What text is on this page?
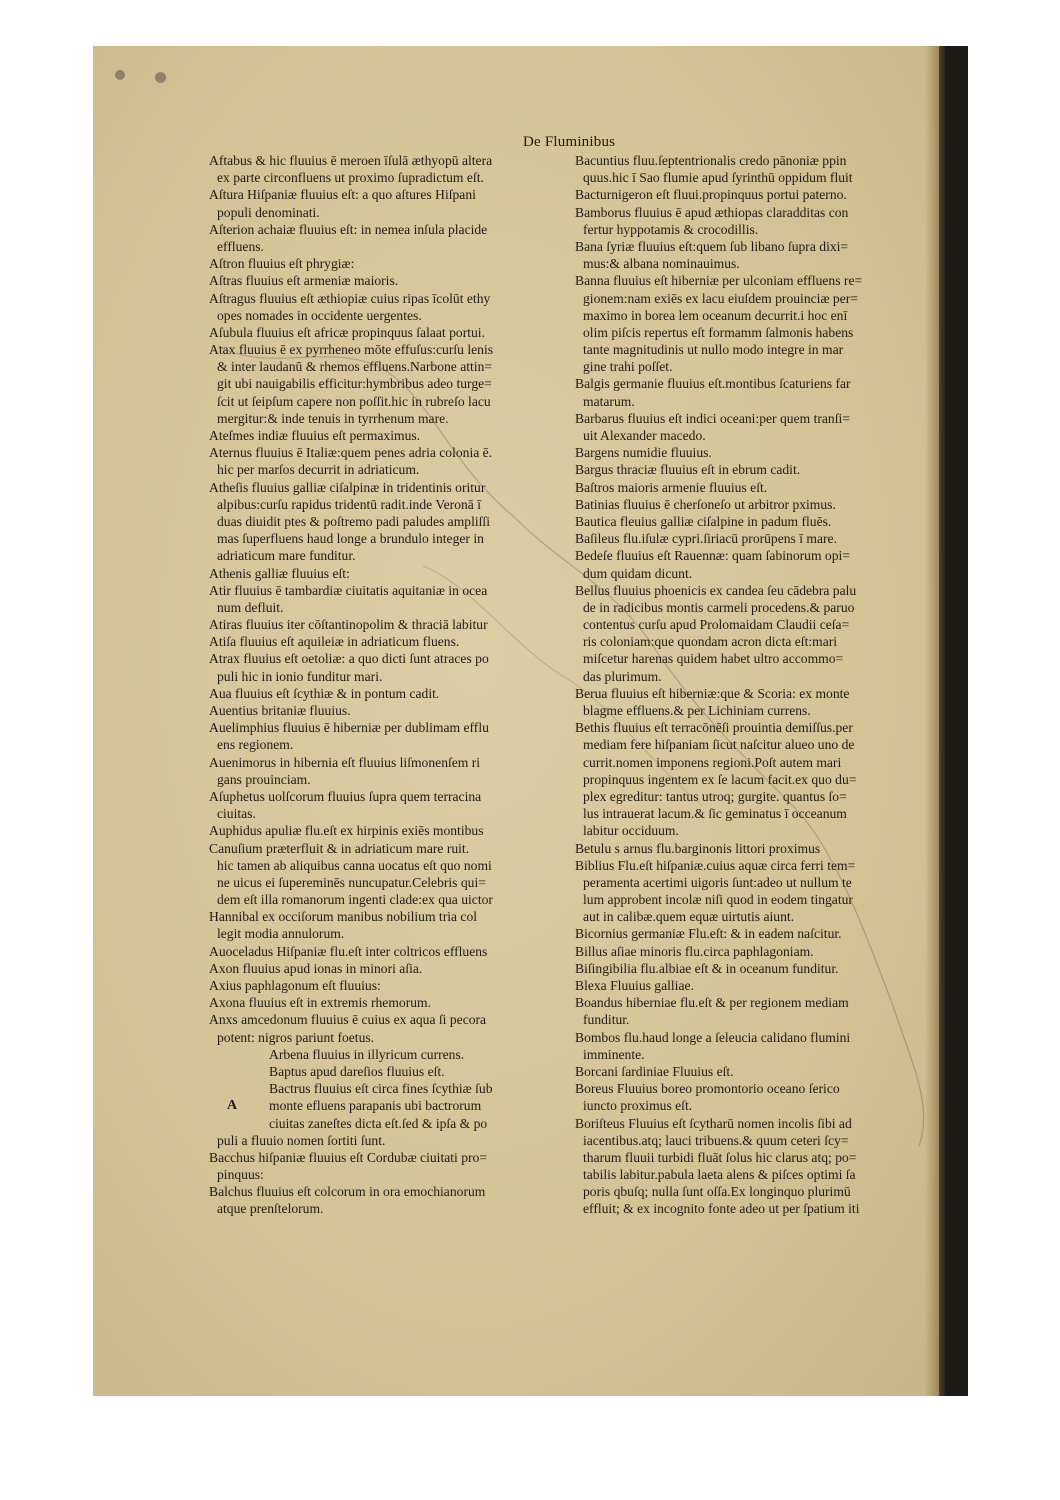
De Fluminibus
Aftabus & hic fluuius ē meroen īſulā æthyopū altera
ex parte circonfluens ut proximo ſupradictum eſt.
Aſtura Hiſpaniæ fluuius eſt: a quo aſtures Hiſpani
populi denominati.
Aſterion achaiæ fluuius eſt: in nemea inſula placide
effluens.
Aſtron fluuius eſt phrygiæ:
Aſtras fluuius eſt armeniæ maioris.
Aſtragus fluuius eſt æthiopiæ cuius ripas īcolūt ethy
opes nomades in occidente uergentes.
Aſubula fluuius eſt africæ propinquus ſalaat portui.
Atax fluuius ē ex pyrrheneo mōte effuſus:curſu lenis
& inter laudanū & rhemos effluens.Narbone attin=
git ubi nauigabilis efficitur:hymbribus adeo turge=
ſcit ut ſeipſum capere non poſſit.hic in rubreſo lacu
mergitur:& inde tenuis in tyrrhenum mare.
Ateſmes indiæ fluuius eſt permaximus.
Aternus fluuius ē Italiæ:quem penes adria colonia ē.
hic per marſos decurrit in adriaticum.
Atheſis fluuius galliæ ciſalpinæ in tridentinis oritur
alpibus:curſu rapidus tridentū radit.inde Veronā ī
duas diuidit ptes & poſtremo padi paludes ampliſſi
mas ſuperfluens haud longe a brundulo integer in
adriaticum mare funditur.
Athenis galliæ fluuius eſt:
Atir fluuius ē tambardiæ ciuitatis aquitaniæ in ocea
num defluit.
Atiras fluuius iter cōſtantinopolim & thraciā labitur
Atiſa fluuius eſt aquileiæ in adriaticum fluens.
Atrax fluuius eſt oetoliæ: a quo dicti ſunt atraces po
puli hic in ionio funditur mari.
Aua fluuius eſt ſcythiæ & in pontum cadit.
Auentius britaniæ fluuius.
Auelimphius fluuius ē hiberniæ per dublimam efflu
ens regionem.
Auenimorus in hibernia eſt fluuius liſmonenſem ri
gans prouinciam.
Aſuphetus uolſcorum fluuius ſupra quem terracina
ciuitas.
Auphidus apuliæ flu.eſt ex hirpinis exiēs montibus
Canuſium præterfluit & in adriaticum mare ruit.
hic tamen ab aliquibus canna uocatus eſt quo nomi
ne uicus ei ſupereminēs nuncupatur.Celebris qui=
dem eſt illa romanorum ingenti clade:ex qua uictor
Hannibal ex occiſorum manibus nobilium tria col
legit modia annulorum.
Auoceladus Hiſpaniæ flu.eſt inter coltricos effluens
Axon fluuius apud ionas in minori aſia.
Axius paphlagonum eſt fluuius:
Axona fluuius eſt in extremis rhemorum.
Anxs amcedonum fluuius ē cuius ex aqua ſi pecora
potent: nigros pariunt foetus.
Arbena fluuius in illyricum currens.
Baptus apud dareſios fluuius eſt.
Bactrus fluuius eſt circa fines ſcythiæ ſub
A monte efluens parapanis ubi bactrorum
ciuitas zaneſtes dicta eſt.ſed & ipſa & po
puli a fluuio nomen ſortiti ſunt.
Bacchus hiſpaniæ fluuius eſt Cordubæ ciuitati pro=
pinquus:
Balchus fluuius eſt colcorum in ora emochianorum
atque prenſtelorum.
Bacuntius fluu.ſeptentrionalis credo pānoniæ ppin
quus.hic ī Sao flumie apud ſyrinthū oppidum fluit
Bacturnigeron eſt fluui.propinquus portui paterno.
Bamborus fluuius ē apud æthiopas claradditas con
fertur hyppotamis & crocodillis.
Bana ſyriæ fluuius eſt:quem ſub libano ſupra dixi=
mus:& albana nominauimus.
Banna fluuius eſt hiberniæ per ulconiam effluens re=
gionem:nam exiēs ex lacu eiuſdem prouinciæ per=
maximo in borea lem oceanum decurrit.i hoc enī
olim piſcis repertus eſt formamm ſalmonis habens
tante magnitudinis ut nullo modo integre in mar
gine trahi poſſet.
Balgis germanie fluuius eſt.montibus ſcaturiens far
matarum.
Barbarus fluuius eſt indici oceani:per quem tranſi=
uit Alexander macedo.
Bargens numidie fluuius.
Bargus thraciæ fluuius eſt in ebrum cadit.
Baſtros maioris armenie fluuius eſt.
Batinias fluuius ē cherſoneſo ut arbitror pximus.
Bautica fleuius galliæ ciſalpine in padum fluēs.
Baſileus flu.iſulæ cypri.ſiriacū prorūpens ī mare.
Bedeſe fluuius eſt Rauennæ: quam ſabinorum opi=
dum quidam dicunt.
Bellus fluuius phoenicis ex candea ſeu cādebra palu
de in radicibus montis carmeli procedens.& paruo
contentus curſu apud Prolomaidam Claudii ceſa=
ris coloniam:que quondam acron dicta eſt:mari
miſcetur harenas quidem habet ultro accommo=
das plurimum.
Berua fluuius eſt hiberniæ:que & Scoria: ex monte
blagme effluens.& per Lichiniam currens.
Bethis fluuius eſt terracōnēſi prouintia demiſſus.per
mediam fere hiſpaniam ſicut naſcitur alueo uno de
currit.nomen imponens regioni.Poſt autem mari
propinquus ingentem ex ſe lacum facit.ex quo du=
plex egreditur: tantus utroq; gurgite. quantus ſo=
lus intrauerat lacum.& ſic geminatus ī occeanum
labitur occiduum.
Betulu s arnus flu.barginonis littori proximus
Biblius Flu.eſt hiſpaniæ.cuius aquæ circa ferri tem=
peramenta acertimi uigoris ſunt:adeo ut nullum te
lum approbent incolæ niſi quod in eodem tingatur
aut in calibæ.quem equæ uirtutis aiunt.
Bicornius germaniæ Flu.eſt: & in eadem naſcitur.
Billus aſiae minoris flu.circa paphlagoniam.
Biſingibilia flu.albiae eſt & in oceanum funditur.
Blexa Fluuius galliae.
Boandus hiberniae flu.eſt & per regionem mediam
funditur.
Bombos flu.haud longe a ſeleucia calidano flumini
imminente.
Borcani ſardiniae Fluuius eſt.
Boreus Fluuius boreo promontorio oceano ſerico
iuncto proximus eſt.
Boriſteus Fluuius eſt ſcytharū nomen incolis ſibi ad
iacentibus.atq; lauci tribuens.& quum ceteri ſcy=
tharum fluuii turbidi fluāt ſolus hic clarus atq; po=
tabilis labitur.pabula laeta alens & piſces optimi ſa
poris qbuſq; nulla ſunt oſſa.Ex longinquo plurimū
effluit; & ex incognito fonte adeo ut per ſpatium iti
